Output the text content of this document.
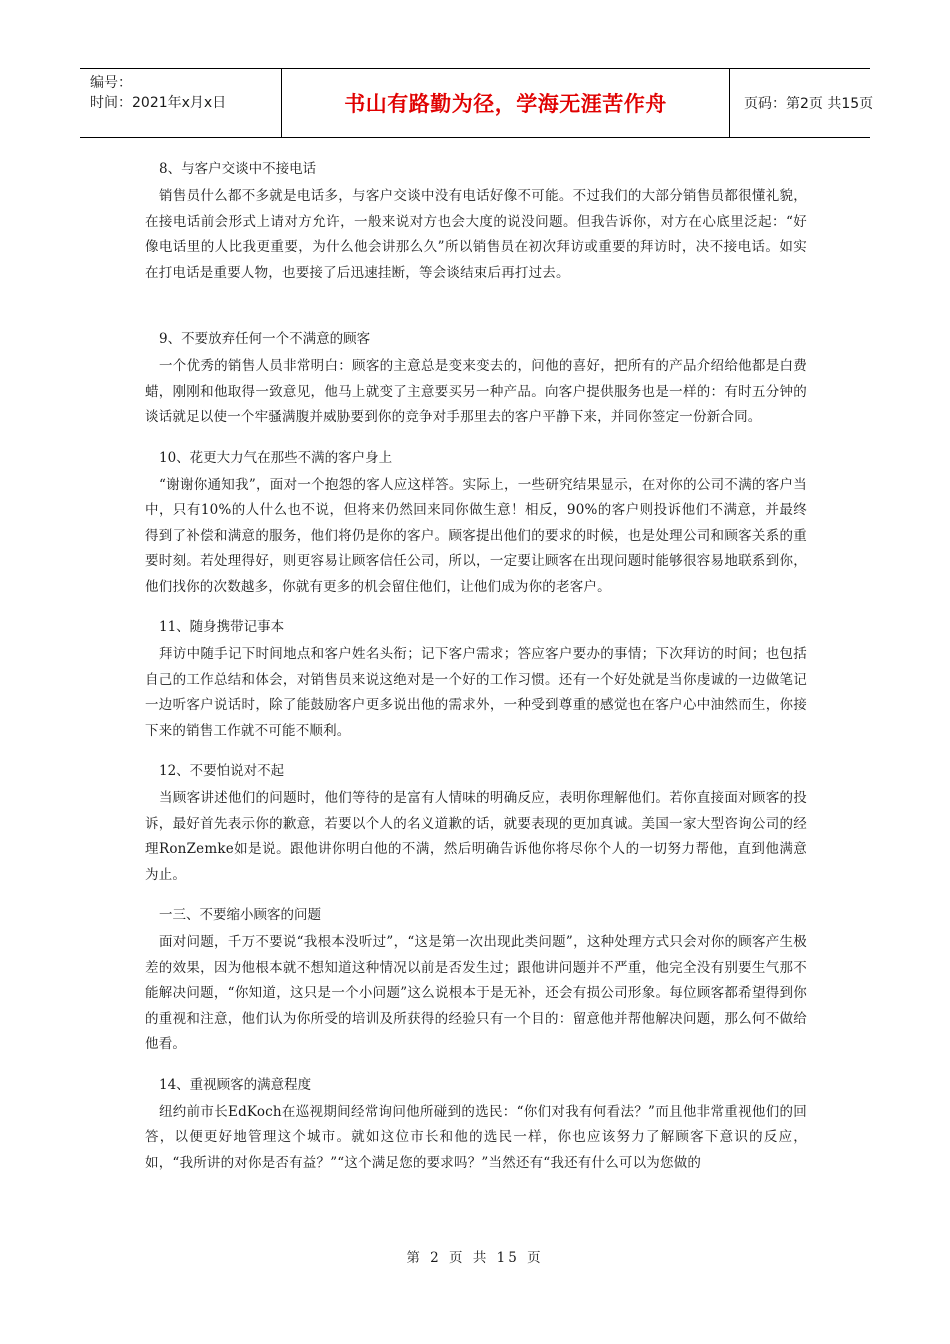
编号：
时间：2021年x月x日	书山有路勤为径，学海无涯苦作舟	页码：第2页 共15页
8、与客户交谈中不接电话

销售员什么都不多就是电话多，与客户交谈中没有电话好像不可能。不过我们的大部分销售员都很懂礼貌，在接电话前会形式上请对方允许，一般来说对方也会大度的说没问题。但我告诉你，对方在心底里泛起：“好像电话里的人比我更重要，为什么他会讲那么久”所以销售员在初次拜访或重要的拜访时，决不接电话。如实在打电话是重要人物，也要接了后迅速挂断，等会谈结束后再打过去。

9、不要放弃任何一个不满意的顾客

一个优秀的销售人员非常明白：顾客的主意总是变来变去的，问他的喜好，把所有的产品介绍给他都是白费蜡，刚刚和他取得一致意见，他马上就变了主意要买另一种产品。向客户提供服务也是一样的：有时五分钟的谈话就足以使一个牢骚满腹并威胁要到你的竞争对手那里去的客户平静下来，并同你签定一份新合同。

10、花更大力气在那些不满的客户身上

“谢谢你通知我”，面对一个抱怨的客人应这样答。实际上，一些研究结果显示，在对你的公司不满的客户当中，只有10%的人什么也不说，但将来仍然回来同你做生意！相反，90%的客户则投诉他们不满意，并最终得到了补偿和满意的服务，他们将仍是你的客户。顾客提出他们的要求的时候，也是处理公司和顾客关系的重要时刻。若处理得好，则更容易让顾客信任公司，所以，一定要让顾客在出现问题时能够很容易地联系到你，他们找你的次数越多，你就有更多的机会留住他们，让他们成为你的老客户。

11、随身携带记事本

拜访中随手记下时间地点和客户姓名头衔；记下客户需求；答应客户要办的事情；下次拜访的时间；也包括自己的工作总结和体会，对销售员来说这绝对是一个好的工作习惯。还有一个好处就是当你虔诚的一边做笔记一边听客户说话时，除了能鼓励客户更多说出他的需求外，一种受到尊重的感觉也在客户心中油然而生，你接下来的销售工作就不可能不顺利。

12、不要怕说对不起

当顾客讲述他们的问题时，他们等待的是富有人情味的明确反应，表明你理解他们。若你直接面对顾客的投诉，最好首先表示你的歉意，若要以个人的名义道歉的话，就要表现的更加真诚。美国一家大型咨询公司的经理RonZemke如是说。跟他讲你明白他的不满，然后明确告诉他你将尽你个人的一切努力帮他，直到他满意为止。

一三、不要缩小顾客的问题

面对问题，千万不要说“我根本没听过”，“这是第一次出现此类问题”，这种处理方式只会对你的顾客产生极差的效果，因为他根本就不想知道这种情况以前是否发生过；跟他讲问题并不严重，他完全没有别要生气那不能解决问题，“你知道，这只是一个小问题”这么说根本于是无补，还会有损公司形象。每位顾客都希望得到你的重视和注意，他们认为你所受的培训及所获得的经验只有一个目的：留意他并帮他解决问题，那么何不做给他看。

14、重视顾客的满意程度

纽约前市长EdKoch在巡视期间经常询问他所碰到的选民：“你们对我有何看法？”而且他非常重视他们的回答，以便更好地管理这个城市。就如这位市长和他的选民一样，你也应该努力了解顾客下意识的反应，如，“我所讲的对你是否有益？”“这个满足您的要求吗？”当然还有“我还有什么可以为您做的

第 2 页 共 15 页
